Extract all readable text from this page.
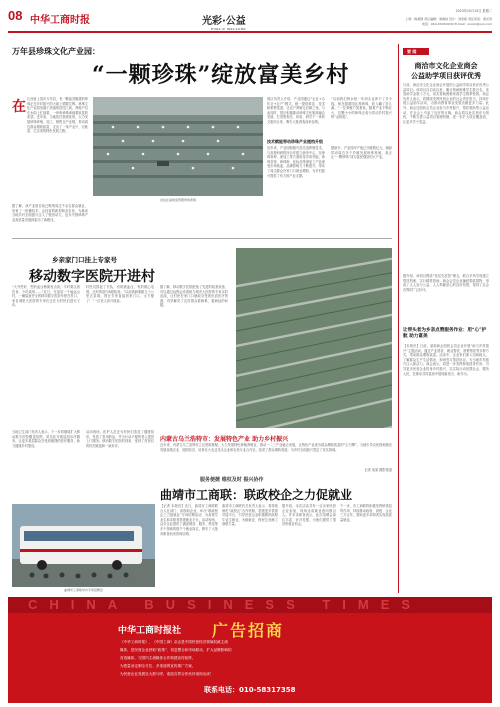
08 中华工商时报	光彩·公益
PUBLIC WELFARE
2023年10月10日 星期二
上周：梅素群 责任编辑：梁晓炜 设计：刘雯硕 责任审读：黄光涛
电话：010-XXXXXXXX E-mail：xxxxx@xxx.com
万年县珍珠文化产业园：
“一颗珍珠”绽放富美乡村
在 江西省上饶市万年县，有一颗晶莹剔透的珍珠正在乡村振兴的大地上熠熠生辉。珍珠文化产业园坐落于美丽的田园之间，养殖户们在水面上忙碌着，一串串珍珠承载着致富的希望。近年来，当地依托资源优势，大力发展珍珠养殖、加工、销售全产业链，带动周边群众增收致富，走出了一条产业兴、百姓富、生态美的特色发展之路。
园区负责人介绍，产业园通过“企业+合作社+农户”模式，统一提供蚌苗、技术和销售渠道，让农户养殖无后顾之忧。与此同时，园区积极推动珍珠文化旅游融合发展，打造集观光、体验、研学于一体的文旅综合体，吸引大批游客前来参观。
技术赋能带动珍珠产业提档升级
“以前我们种水稻一年到头也挣不了多少钱，现在跟着园区养珍珠，收入翻了好几番。”一位养殖户笑着说。随着产业不断壮大，这颗小小的珍珠正成为带动乡村振兴的“金钥匙”。
据了解，该产业园目前已吸纳周边千余名群众就业，培育了一批懂技术、会经营的新型职业农民，为推动当地乡村全面振兴注入了强劲动力，也为中国珍珠产业高质量发展探索出了新路径。
农民在基地里管理珍珠养殖
近年来，产业园积极引进先进养殖技术，与高校科研院所合作建立研发中心，在珍珠育种、深加工等方面取得多项突破。珍珠首饰、珍珠粉、化妆品等深加工产品深受市场欢迎，品牌影响力不断提升，带动了周边群众在家门口就业增收，为乡村振兴提供了有力的产业支撑。
据统计，产业园年产值已突破数亿元，辐射带动周边多个乡镇发展珍珠养殖，真正让“一颗珍珠”成为富民强县的大产业。
要 闻
商洽市文化企业商会
公益助学项目获评优秀
日前，商洽市文化企业商会开展的公益助学项目获评优秀公益项目。该项目自启动以来，累计资助困难学生数百名，发放助学金数十万元，切实帮助困难家庭学生圆梦校园。商会负责人表示，将继续发挥民营企业的社会责任担当，持续开展公益助学活动，为推动教育事业发展贡献更多力量。此外，商会还组织会员企业参与乡村振兴、帮扶救助等公益活动，在社会上引起了良好的反响。商会将以此次获评为契机，不断完善公益项目管理机制，进一步扩大项目覆盖面，让更多学子受益。
据介绍，该项目围绕“扶贫先扶智”理念，联合多所学校建立帮扶档案，实行精准资助。商会会员企业踊跃捐款捐物，形成了人人参与公益、人人奉献爱心的良好氛围，得到了社会各界的广泛好评。
让带头者为乡亲点赞服务作业：用“心”护航 助力富美
【本报讯】日前，某地商会组织会员企业开展“助力乡村振兴”主题活动，通过产业帮扶、就业帮扶、消费帮扶等多种方式，带动群众增收致富。活动中，企业家们深入田间地头，了解群众生产生活情况，现场签订帮扶协议，为当地乡村振兴注入新活力。商会表示，将进一步发挥桥梁纽带作用，引导更多民营企业投身乡村振兴，以实际行动回馈社会、服务人民，在推动共同富裕中展现新担当、新作为。
乡亲家门口挂上专家号
移动数字医院开进村
“大爷您好，您的血压稍微有点高，平时要注意饮食，少吃咸的……”近日，在某县一个偏远山村，一辆装备齐全的移动数字医院车停在村口，来自城里大医院的专家们正在为村民们进行义诊。
村民们排起了长队，有的测血压，有的做心电图，还有的进行B超检查。“以前看病要跑几十公里去县城，现在专家直接到家门口，太方便了！”一位老人高兴地说。
据了解，移动数字医院配备了先进的检查设备，可以通过远程会诊系统与城市大医院的专家实时连线，让村民在家门口就能享受到优质医疗资源，有效解决了农村群众看病难、看病远的问题。
当地卫生部门负责人表示，下一步将继续扩大移动数字医院覆盖范围，常态化开展巡回诊疗服务，让更多基层群众享受到便捷的医疗服务，助力健康乡村建设。
活动现场，医护人员还为村民们普及了健康知识，发放了常用药品，并为行动不便的老人提供上门服务。移动数字医院的到来，受到了村民们的热烈欢迎和一致好评。
内蒙古乌兰浩特市：发展特色产业 助力乡村振兴
近年来，内蒙古乌兰浩特市立足资源禀赋，大力发展特色种植养殖业，推动一二三产业融合发展，让特色产业成为群众增收致富的“主引擎”。当地引导农民因地制宜发展设施农业、庭院经济，培育壮大农业龙头企业和农民专业合作社，拓宽了群众增收渠道，为乡村全面振兴奠定了坚实基础。
记者 某某 摄影报道
服务便捷 维权及时 振兴协作
曲靖市工商联：联政校企之力促就业
曲靖市工商联举办专场招聘会
【记者 本报讯】近日，曲靖市工商联联合人社部门、高校和企业，举办“联政校企之力促就业”专场招聘活动，为高校毕业生和求职者搭建就业平台。活动现场，众多企业提供了涵盖制造、服务、科技等多个领域的数千个就业岗位，吸引了大批求职者前来咨询应聘。
曲靖市工商联有关负责人表示，将持续深化“政校企”合作机制，搭建更多供需对接平台，引导民营企业积极吸纳高校毕业生就业，为稳就业、保民生贡献工商联力量。
据介绍，本次活动共有一百余家民营企业参加，现场达成就业意向数百人。许多求职者表示，此次招聘会岗位丰富、针对性强，为他们提供了很好的就业机会。
下一步，市工商联将积极发挥桥梁纽带作用，持续推动政府、高校、企业三方合作，帮助更多求职者实现高质量就业。
CHINA BUSINESS TIMES
中华工商时报社 广告招商
《中华工商时报》、《中国工商》杂志是中国民营经济领域权威主流
媒体，是民营企业获取“政策”、信息整合和市场联动、扩大品牌影响的
首选媒体，与国内主流媒体合作构建宣传矩阵，
为您量身定制全方位、多渠道的宣传推广方案，
为民营企业发展壮大鼓与呼，欢迎各界合作伙伴垂询洽谈！
联系电话：010-58317358
